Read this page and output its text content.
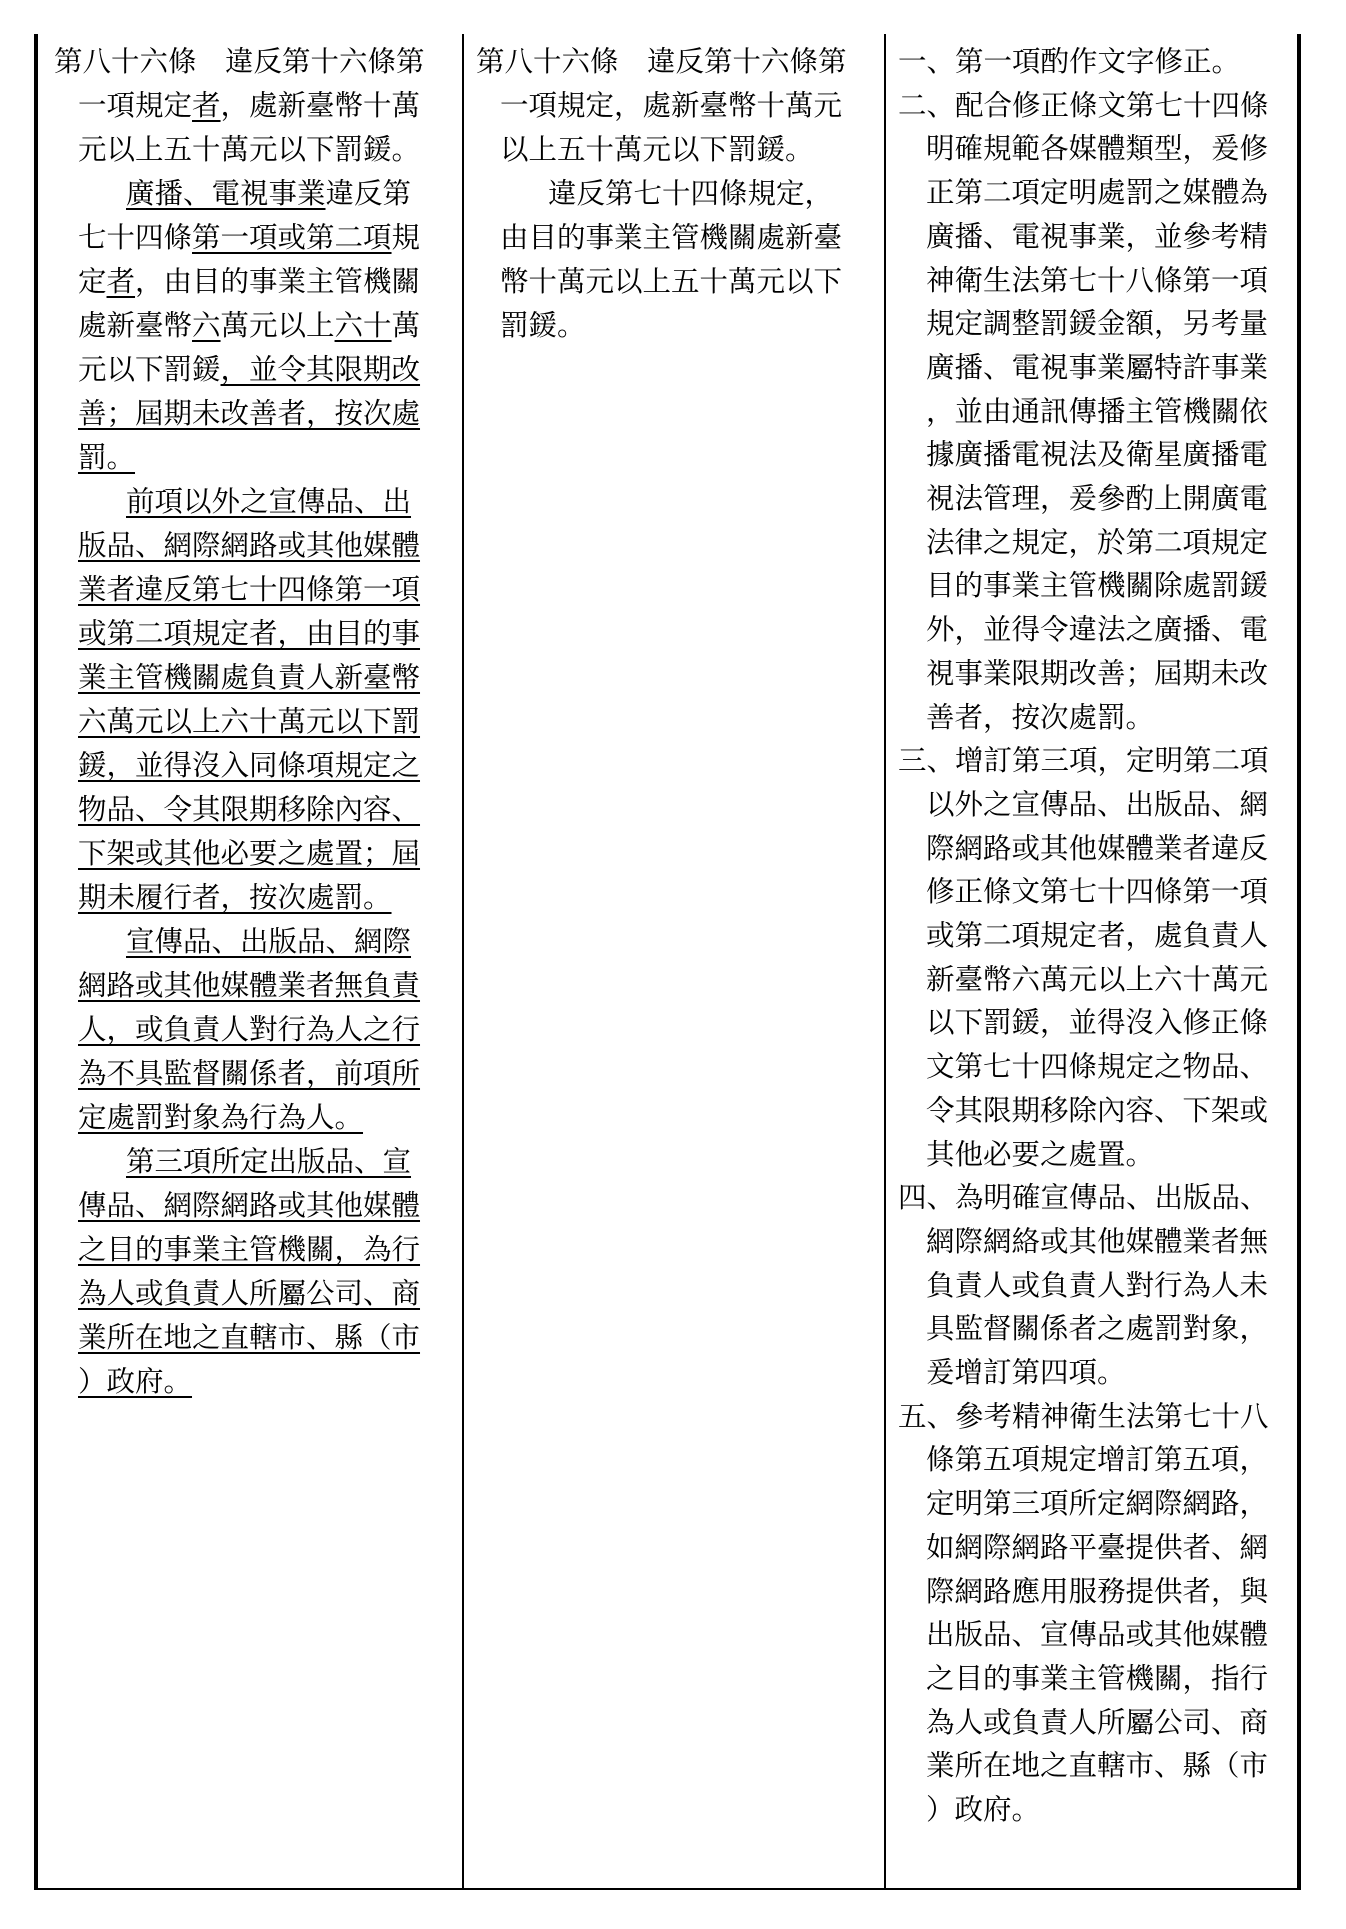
第八十六條　違反第十六條第
一項規定者，處新臺幣十萬
元以上五十萬元以下罰鍰。
廣播、電視事業違反第
七十四條第一項或第二項規
定者，由目的事業主管機關
處新臺幣六萬元以上六十萬
元以下罰鍰，並令其限期改
善；屆期未改善者，按次處
罰。
前項以外之宣傳品、出
版品、網際網路或其他媒體
業者違反第七十四條第一項
或第二項規定者，由目的事
業主管機關處負責人新臺幣
六萬元以上六十萬元以下罰
鍰，並得沒入同條項規定之
物品、令其限期移除內容、
下架或其他必要之處置；屆
期未履行者，按次處罰。
宣傳品、出版品、網際
網路或其他媒體業者無負責
人，或負責人對行為人之行
為不具監督關係者，前項所
定處罰對象為行為人。
第三項所定出版品、宣
傳品、網際網路或其他媒體
之目的事業主管機關，為行
為人或負責人所屬公司、商
業所在地之直轄市、縣（市
）政府。
第八十六條　違反第十六條第
一項規定，處新臺幣十萬元
以上五十萬元以下罰鍰。
違反第七十四條規定，
由目的事業主管機關處新臺
幣十萬元以上五十萬元以下
罰鍰。
一、第一項酌作文字修正。
二、配合修正條文第七十四條
明確規範各媒體類型，爰修
正第二項定明處罰之媒體為
廣播、電視事業，並參考精
神衛生法第七十八條第一項
規定調整罰鍰金額，另考量
廣播、電視事業屬特許事業
，並由通訊傳播主管機關依
據廣播電視法及衛星廣播電
視法管理，爰參酌上開廣電
法律之規定，於第二項規定
目的事業主管機關除處罰鍰
外，並得令違法之廣播、電
視事業限期改善；屆期未改
善者，按次處罰。
三、增訂第三項，定明第二項
以外之宣傳品、出版品、網
際網路或其他媒體業者違反
修正條文第七十四條第一項
或第二項規定者，處負責人
新臺幣六萬元以上六十萬元
以下罰鍰，並得沒入修正條
文第七十四條規定之物品、
令其限期移除內容、下架或
其他必要之處置。
四、為明確宣傳品、出版品、
網際網絡或其他媒體業者無
負責人或負責人對行為人未
具監督關係者之處罰對象，
爰增訂第四項。
五、參考精神衛生法第七十八
條第五項規定增訂第五項，
定明第三項所定網際網路，
如網際網路平臺提供者、網
際網路應用服務提供者，與
出版品、宣傳品或其他媒體
之目的事業主管機關，指行
為人或負責人所屬公司、商
業所在地之直轄市、縣（市
）政府。
